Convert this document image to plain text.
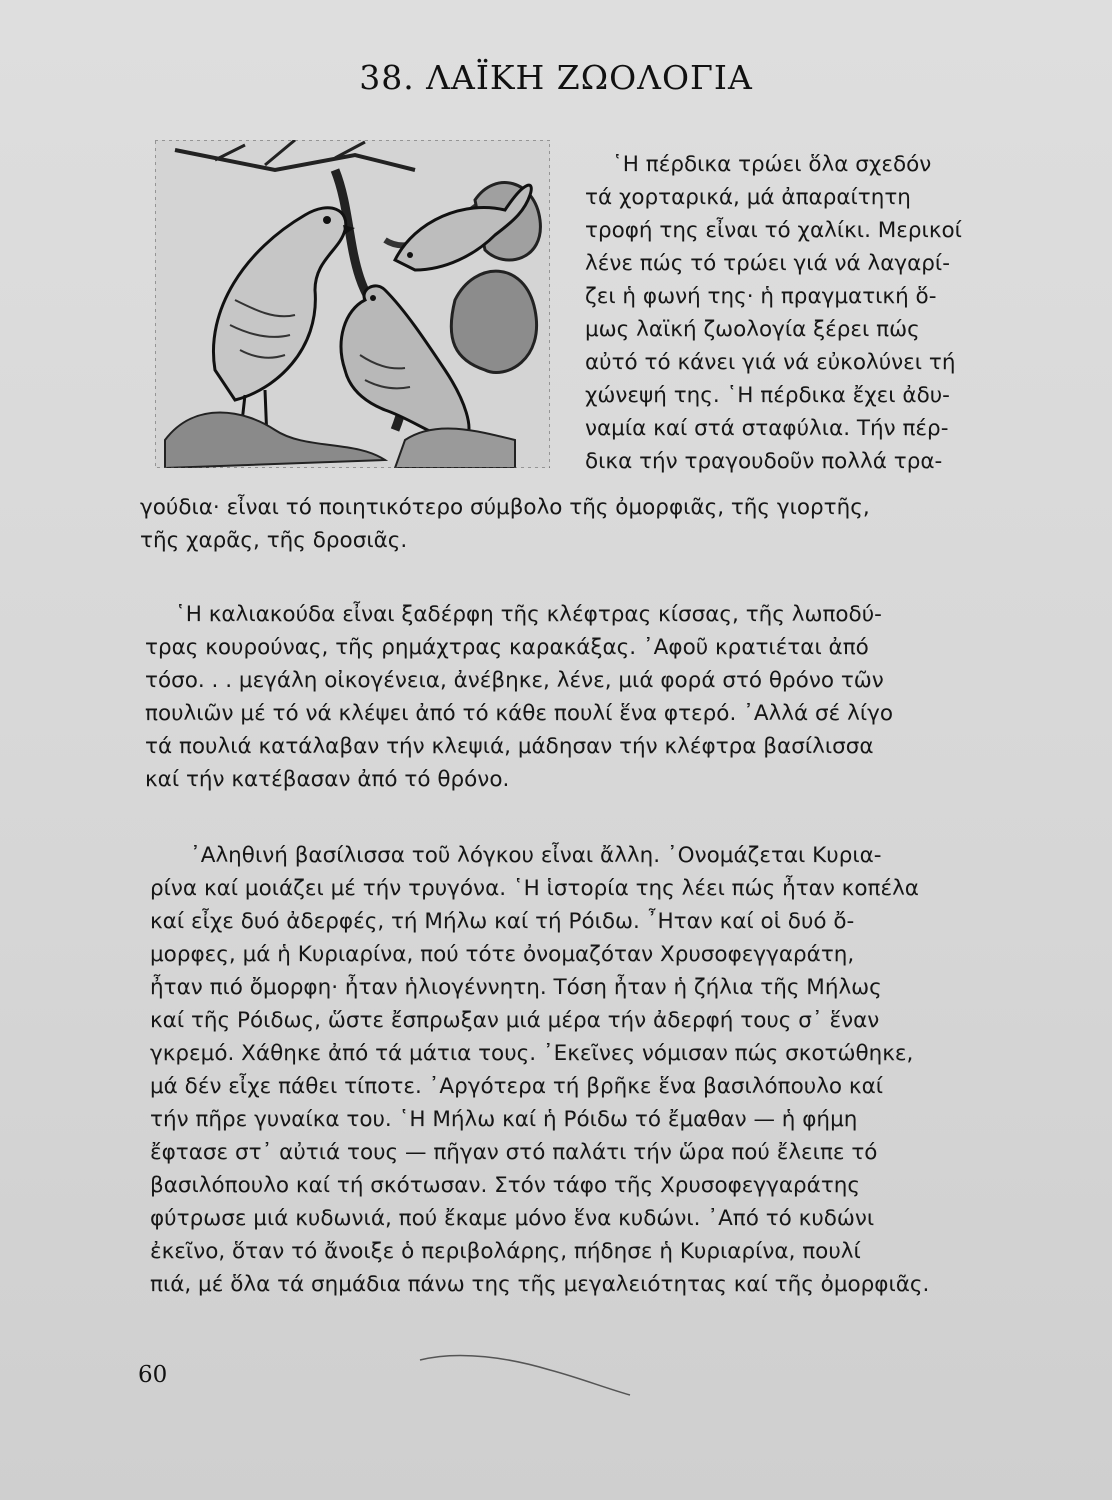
38. ΛΑΪΚΗ ΖΩΟΛΟΓΙΑ
῾Η πέρδικα τρώει ὅλα σχεδόν
τά χορταρικά, μά ἀπαραίτητη
τροφή της εἶναι τό χαλίκι. Μερικοί
λένε πώς τό τρώει γιά νά λαγαρί-
ζει ἡ φωνή της· ἡ πραγματική ὅ-
μως λαϊκή ζωολογία ξέρει πώς
αὐτό τό κάνει γιά νά εὐκολύνει τή
χώνεψή της. ῾Η πέρδικα ἔχει ἀδυ-
ναμία καί στά σταφύλια. Τήν πέρ-
δικα τήν τραγουδοῦν πολλά τρα-
γούδια· εἶναι τό ποιητικότερο σύμβολο τῆς ὀμορφιᾶς, τῆς γιορτῆς,
τῆς χαρᾶς, τῆς δροσιᾶς.
῾Η καλιακούδα εἶναι ξαδέρφη τῆς κλέφτρας κίσσας, τῆς λωποδύ-
τρας κουρούνας, τῆς ρημάχτρας καρακάξας. ᾿Αφοῦ κρατιέται ἀπό
τόσο. . . μεγάλη οἰκογένεια, ἀνέβηκε, λένε, μιά φορά στό θρόνο τῶν
πουλιῶν μέ τό νά κλέψει ἀπό τό κάθε πουλί ἕνα φτερό. ᾿Αλλά σέ λίγο
τά πουλιά κατάλαβαν τήν κλεψιά, μάδησαν τήν κλέφτρα βασίλισσα
καί τήν κατέβασαν ἀπό τό θρόνο.
᾿Αληθινή βασίλισσα τοῦ λόγκου εἶναι ἄλλη. ᾿Ονομάζεται Κυρια-
ρίνα καί μοιάζει μέ τήν τρυγόνα. ῾Η ἱστορία της λέει πώς ἦταν κοπέλα
καί εἶχε δυό ἀδερφές, τή Μήλω καί τή Ρόιδω. ῏Ηταν καί οἱ δυό ὄ-
μορφες, μά ἡ Κυριαρίνα, πού τότε ὀνομαζόταν Χρυσοφεγγαράτη,
ἦταν πιό ὄμορφη· ἦταν ἡλιογέννητη. Τόση ἦταν ἡ ζήλια τῆς Μήλως
καί τῆς Ρόιδως, ὥστε ἔσπρωξαν μιά μέρα τήν ἀδερφή τους σ᾿ ἕναν
γκρεμό. Χάθηκε ἀπό τά μάτια τους. ᾿Εκεῖνες νόμισαν πώς σκοτώθηκε,
μά δέν εἶχε πάθει τίποτε. ᾿Αργότερα τή βρῆκε ἕνα βασιλόπουλο καί
τήν πῆρε γυναίκα του. ῾Η Μήλω καί ἡ Ρόιδω τό ἔμαθαν — ἡ φήμη
ἔφτασε στ᾿ αὐτιά τους — πῆγαν στό παλάτι τήν ὥρα πού ἔλειπε τό
βασιλόπουλο καί τή σκότωσαν. Στόν τάφο τῆς Χρυσοφεγγαράτης
φύτρωσε μιά κυδωνιά, πού ἔκαμε μόνο ἕνα κυδώνι. ᾿Από τό κυδώνι
ἐκεῖνο, ὅταν τό ἄνοιξε ὁ περιβολάρης, πήδησε ἡ Κυριαρίνα, πουλί
πιά, μέ ὅλα τά σημάδια πάνω της τῆς μεγαλειότητας καί τῆς ὀμορφιᾶς.
60
